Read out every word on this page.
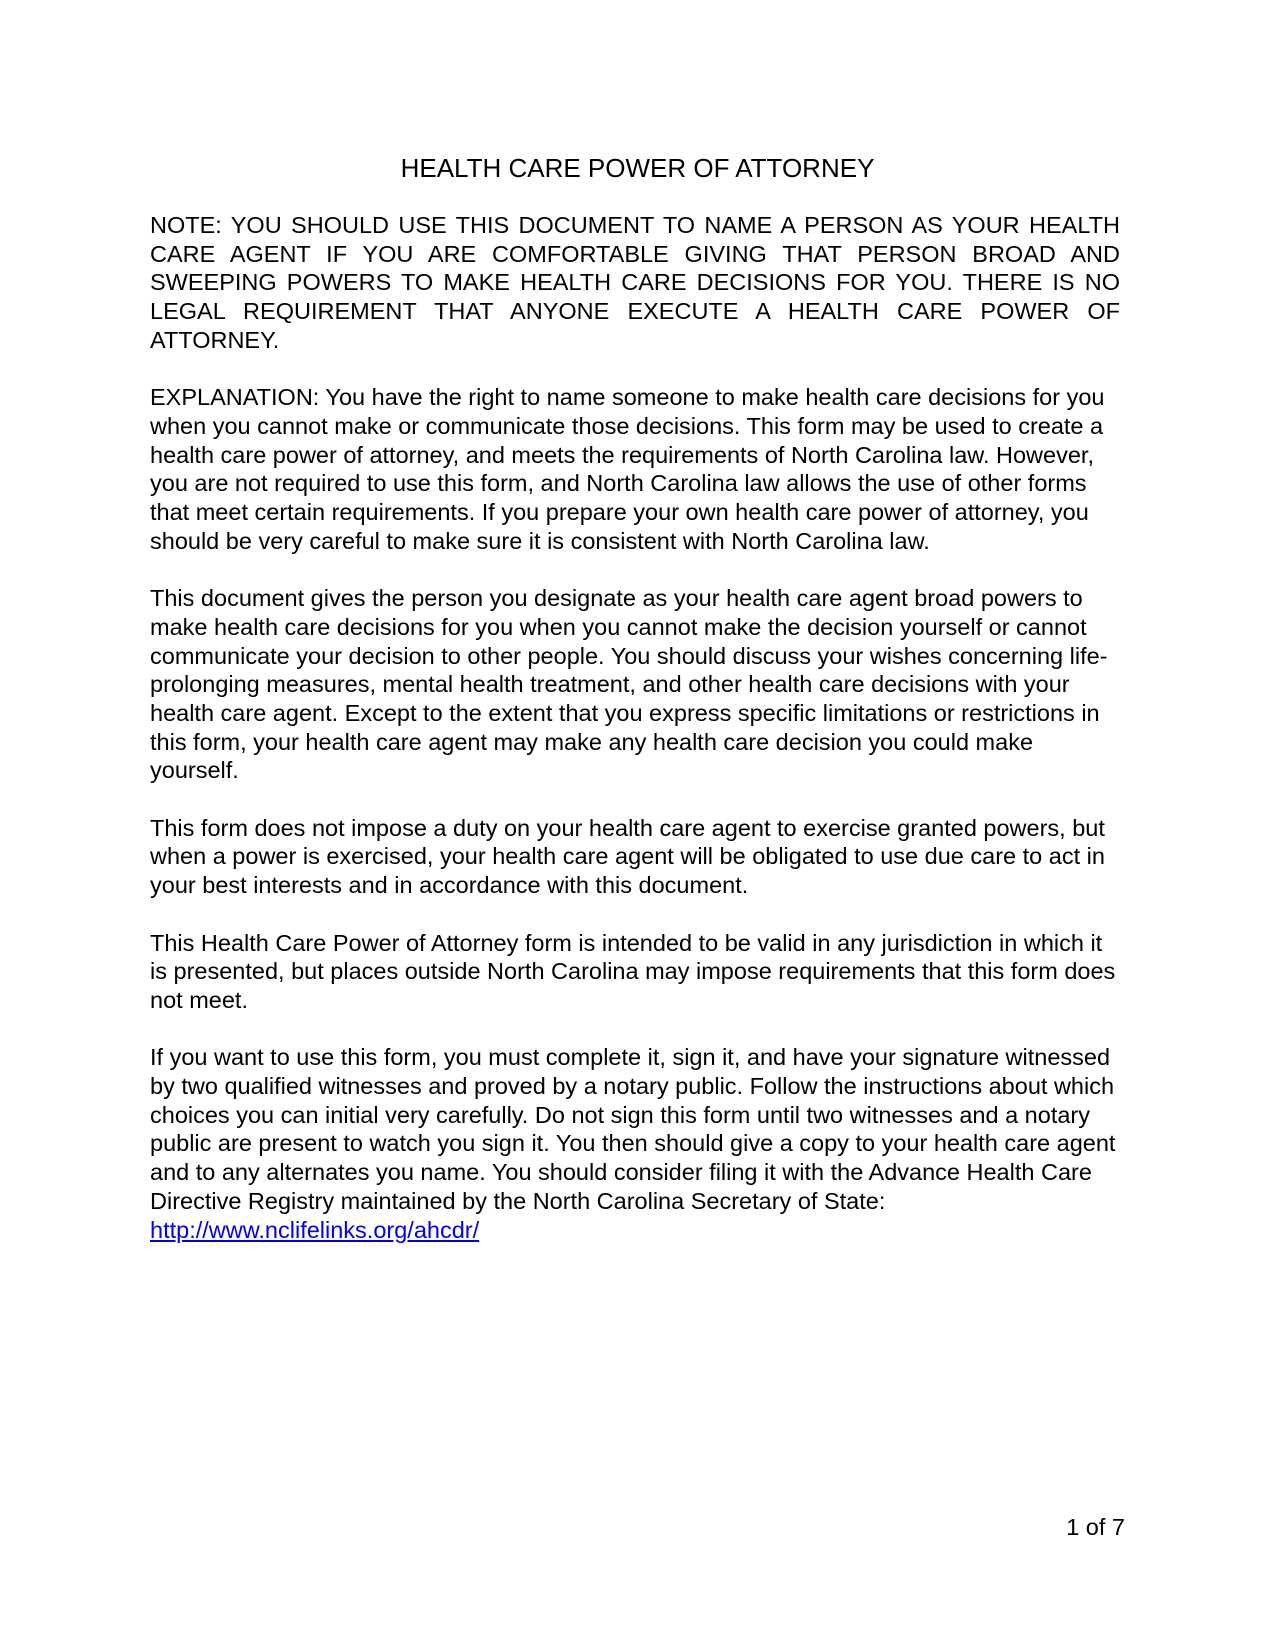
HEALTH CARE POWER OF ATTORNEY

NOTE: YOU SHOULD USE THIS DOCUMENT TO NAME A PERSON AS YOUR HEALTH CARE AGENT IF YOU ARE COMFORTABLE GIVING THAT PERSON BROAD AND SWEEPING POWERS TO MAKE HEALTH CARE DECISIONS FOR YOU. THERE IS NO LEGAL REQUIREMENT THAT ANYONE EXECUTE A HEALTH CARE POWER OF ATTORNEY.

EXPLANATION: You have the right to name someone to make health care decisions for you when you cannot make or communicate those decisions. This form may be used to create a health care power of attorney, and meets the requirements of North Carolina law. However, you are not required to use this form, and North Carolina law allows the use of other forms that meet certain requirements. If you prepare your own health care power of attorney, you should be very careful to make sure it is consistent with North Carolina law.

This document gives the person you designate as your health care agent broad powers to make health care decisions for you when you cannot make the decision yourself or cannot communicate your decision to other people. You should discuss your wishes concerning life-prolonging measures, mental health treatment, and other health care decisions with your health care agent. Except to the extent that you express specific limitations or restrictions in this form, your health care agent may make any health care decision you could make yourself.

This form does not impose a duty on your health care agent to exercise granted powers, but when a power is exercised, your health care agent will be obligated to use due care to act in your best interests and in accordance with this document.

This Health Care Power of Attorney form is intended to be valid in any jurisdiction in which it is presented, but places outside North Carolina may impose requirements that this form does not meet.

If you want to use this form, you must complete it, sign it, and have your signature witnessed by two qualified witnesses and proved by a notary public. Follow the instructions about which choices you can initial very carefully. Do not sign this form until two witnesses and a notary public are present to watch you sign it. You then should give a copy to your health care agent and to any alternates you name. You should consider filing it with the Advance Health Care Directive Registry maintained by the North Carolina Secretary of State: http://www.nclifelinks.org/ahcdr/

1 of 7
